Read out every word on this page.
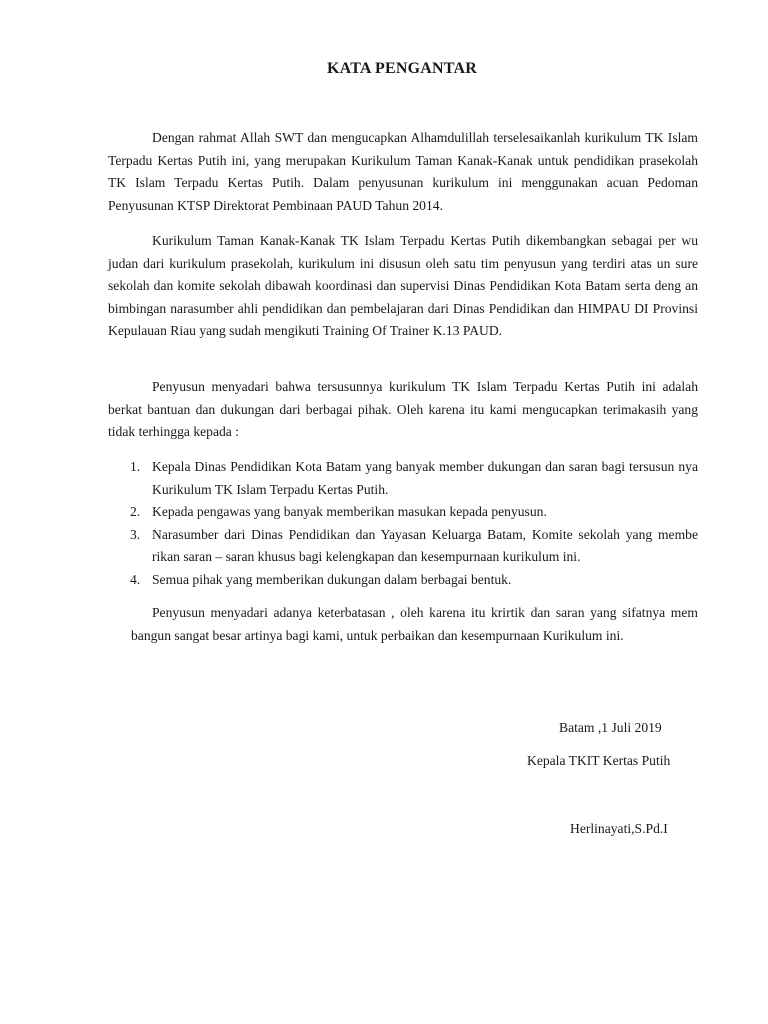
KATA PENGANTAR

Dengan rahmat Allah SWT dan mengucapkan Alhamdulillah terselesaikanlah kurikulum TK Islam Terpadu Kertas Putih ini, yang merupakan Kurikulum Taman Kanak-Kanak untuk pendidikan prasekolah TK Islam Terpadu Kertas Putih. Dalam penyusunan kurikulum ini menggunakan acuan Pedoman Penyusunan KTSP Direktorat Pembinaan PAUD Tahun 2014.

Kurikulum Taman Kanak-Kanak TK Islam Terpadu Kertas Putih dikembangkan sebagai per wu judan dari kurikulum prasekolah, kurikulum ini disusun oleh satu tim penyusun yang terdiri atas un sure sekolah dan komite sekolah dibawah koordinasi dan supervisi Dinas Pendidikan Kota Batam serta deng an bimbingan narasumber ahli pendidikan dan pembelajaran dari Dinas Pendidikan dan HIMPAU DI Provinsi Kepulauan Riau yang sudah mengikuti Training Of Trainer K.13 PAUD.

Penyusun menyadari bahwa tersusunnya kurikulum TK Islam Terpadu Kertas Putih ini adalah berkat bantuan dan dukungan dari berbagai pihak. Oleh karena itu kami mengucapkan terimakasih yang tidak terhingga kepada :

1. Kepala Dinas Pendidikan Kota Batam yang banyak member dukungan dan saran bagi tersusun nya Kurikulum TK Islam Terpadu Kertas Putih.
2. Kepada pengawas yang banyak memberikan masukan kepada penyusun.
3. Narasumber dari Dinas Pendidikan dan Yayasan Keluarga Batam, Komite sekolah yang membe rikan saran – saran khusus bagi kelengkapan dan kesempurnaan kurikulum ini.
4. Semua pihak yang memberikan dukungan dalam berbagai bentuk.

Penyusun menyadari adanya keterbatasan , oleh karena itu krirtik dan saran yang sifatnya mem bangun sangat besar artinya bagi kami, untuk perbaikan dan kesempurnaan Kurikulum ini.

Batam ,1 Juli 2019
Kepala TKIT Kertas Putih
Herlinayati,S.Pd.I
